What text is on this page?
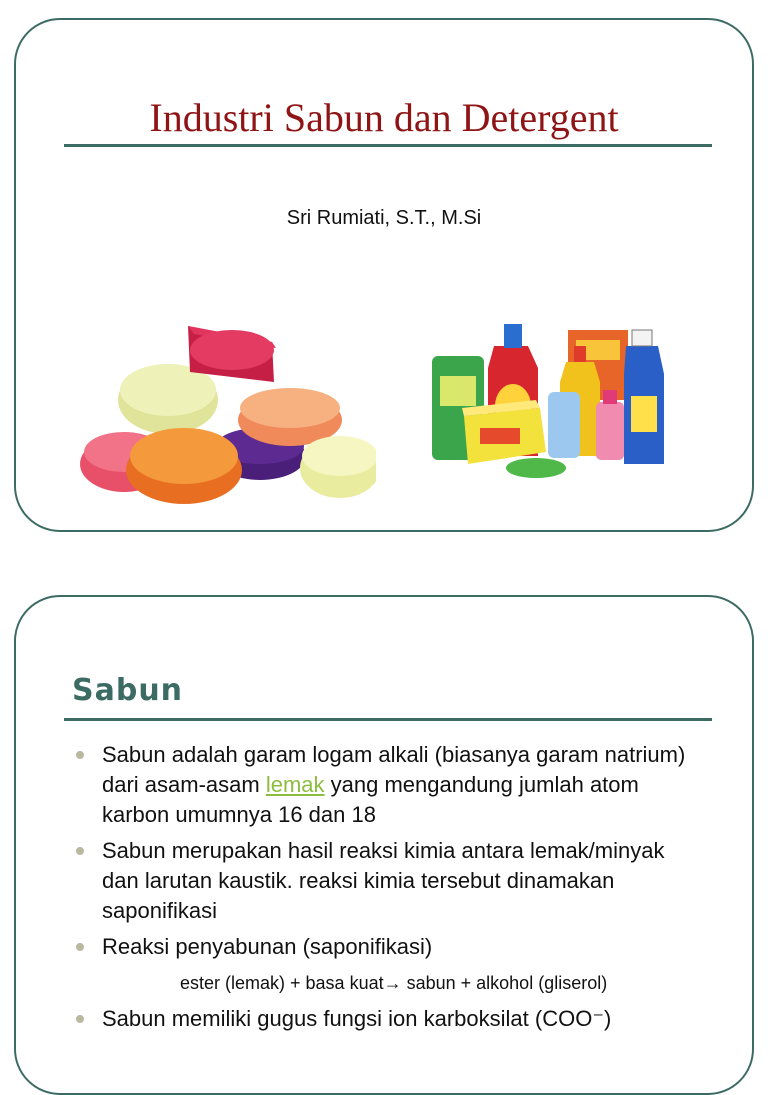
Industri Sabun dan Detergent
Sri Rumiati, S.T., M.Si
Sabun
Sabun adalah garam logam alkali (biasanya garam natrium) dari asam-asam lemak yang mengandung jumlah atom karbon umumnya 16 dan 18
Sabun merupakan hasil reaksi kimia antara lemak/minyak dan larutan kaustik. reaksi kimia tersebut dinamakan saponifikasi
Reaksi penyabunan (saponifikasi)
ester (lemak) + basa kuat→ sabun + alkohol (gliserol)
Sabun memiliki gugus fungsi ion karboksilat (COO⁻)
